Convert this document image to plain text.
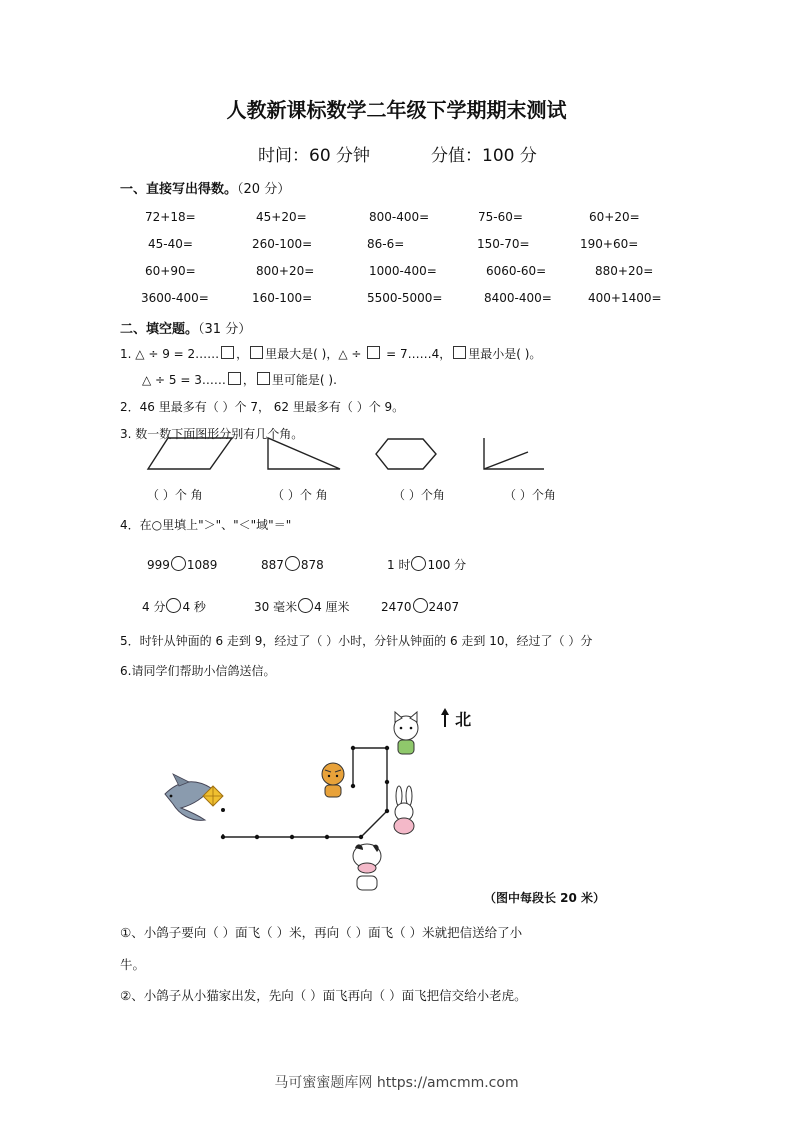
人教新课标数学二年级下学期期末测试
时间：60 分钟	分值：100 分
一、直接写出得数。（20 分）
72+18=	45+20=	800-400=	75-60=	60+20=
45-40=	260-100=	86-6=	150-70=	190+60=
60+90=	800+20=	1000-400=	6060-60=	880+20=
3600-400=	160-100=	5500-5000=	8400-400=	400+1400=
二、填空题。（31 分）
1. △ ÷ 9 = 2…… ， 里最大是( )，△ ÷ = 7……4， 里最小是( )。
△ ÷ 5 = 3…… ， 里可能是( ).
2．46 里最多有（ ）个 7， 62 里最多有（ ）个 9。
3. 数一数下面图形分别有几个角。
（ ）个 角	（ ）个 角	（ ）个角	（ ）个角
4．在○里填上"＞"、"＜"域"＝"
999 1089	887 878	1 时 100 分
4 分 4 秒	30 毫米 4 厘米	2470 2407
5．时针从钟面的 6 走到 9，经过了（ ）小时，分针从钟面的 6 走到 10，经过了（ ）分
6.请同学们帮助小信鸽送信。
北
（图中每段长 20 米）
①、小鸽子要向（ ）面飞（ ）米，再向（ ）面飞（ ）米就把信送给了小
牛。
②、小鸽子从小猫家出发，先向（ ）面飞再向（ ）面飞把信交给小老虎。
马可蜜蜜题库网 https://amcmm.com
